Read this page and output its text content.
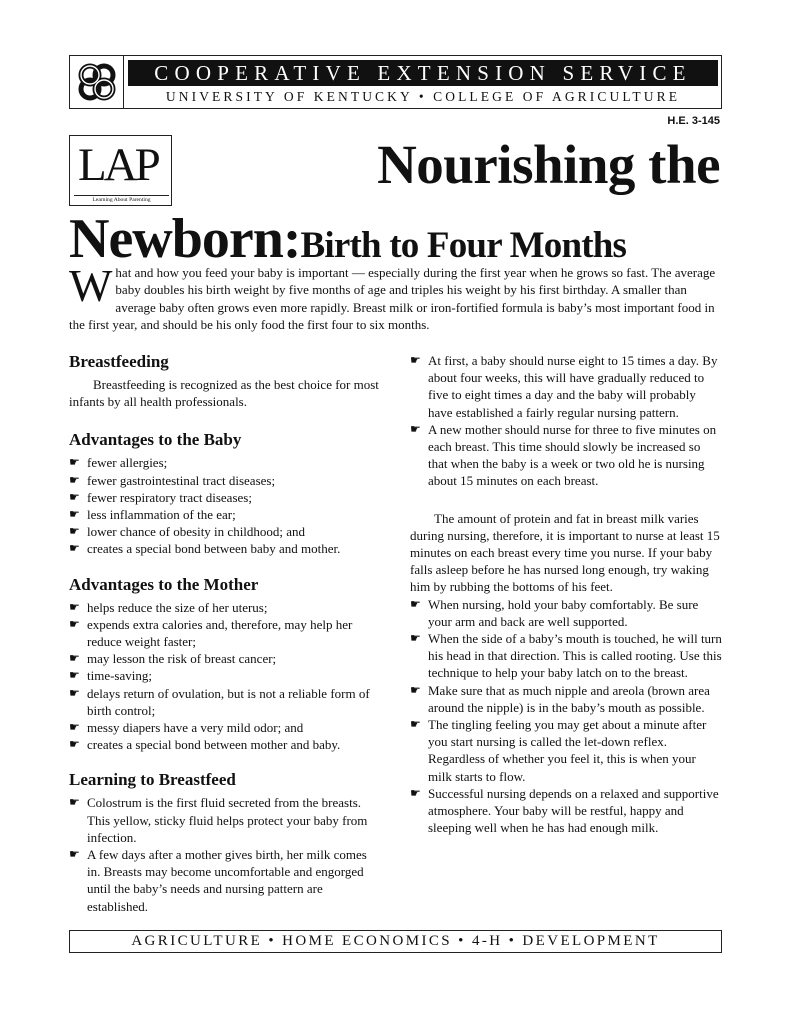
COOPERATIVE EXTENSION SERVICE
UNIVERSITY OF KENTUCKY • COLLEGE OF AGRICULTURE
H.E. 3-145
LAP
Learning About Parenting
Nourishing the
Newborn:Birth to Four Months
What and how you feed your baby is important — especially during the first year when he grows so fast. The average baby doubles his birth weight by five months of age and triples his weight by his first birthday. A smaller than average baby often grows even more rapidly. Breast milk or iron-fortified formula is baby’s most important food in the first year, and should be his only food the first four to six months.
Breastfeeding

Breastfeeding is recognized as the best choice for most infants by all health professionals.

Advantages to the Baby
☛ fewer allergies;
☛ fewer gastrointestinal tract diseases;
☛ fewer respiratory tract diseases;
☛ less inflammation of the ear;
☛ lower chance of obesity in childhood; and
☛ creates a special bond between baby and mother.
Advantages to the Mother
☛ helps reduce the size of her uterus;
☛ expends extra calories and, therefore, may help her reduce weight faster;
☛ may lesson the risk of breast cancer;
☛ time-saving;
☛ delays return of ovulation, but is not a reliable form of birth control;
☛ messy diapers have a very mild odor; and
☛ creates a special bond between mother and baby.
Learning to Breastfeed
☛ Colostrum is the first fluid secreted from the breasts. This yellow, sticky fluid helps protect your baby from infection.
☛ A few days after a mother gives birth, her milk comes in. Breasts may become uncomfortable and engorged until the baby’s needs and nursing pattern are established.
☛ At first, a baby should nurse eight to 15 times a day. By about four weeks, this will have gradually reduced to five to eight times a day and the baby will probably have established a fairly regular nursing pattern.
☛ A new mother should nurse for three to five minutes on each breast. This time should slowly be increased so that when the baby is a week or two old he is nursing about 15 minutes on each breast.

The amount of protein and fat in breast milk varies during nursing, therefore, it is important to nurse at least 15 minutes on each breast every time you nurse. If your baby falls asleep before he has nursed long enough, try waking him by rubbing the bottoms of his feet.

☛ When nursing, hold your baby comfortably. Be sure your arm and back are well supported.
☛ When the side of a baby’s mouth is touched, he will turn his head in that direction. This is called rooting. Use this technique to help your baby latch on to the breast.
☛ Make sure that as much nipple and areola (brown area around the nipple) is in the baby’s mouth as possible.
☛ The tingling feeling you may get about a minute after you start nursing is called the let-down reflex. Regardless of whether you feel it, this is when your milk starts to flow.
☛ Successful nursing depends on a relaxed and supportive atmosphere. Your baby will be restful, happy and sleeping well when he has had enough milk.
AGRICULTURE • HOME ECONOMICS • 4-H • DEVELOPMENT
